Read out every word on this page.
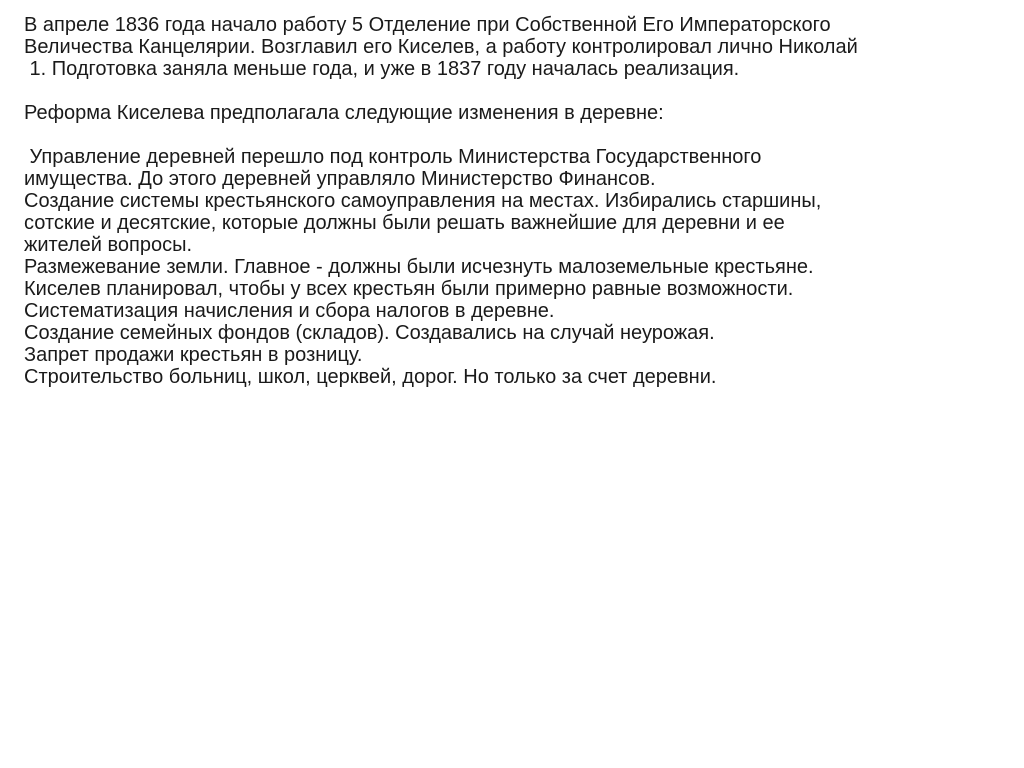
В апреле 1836 года начало работу 5 Отделение при Собственной Его Императорского
Величества Канцелярии. Возглавил его Киселев, а работу контролировал лично Николай
1. Подготовка заняла меньше года, и уже в 1837 году началась реализация.
Реформа Киселева предполагала следующие изменения в деревне:
Управление деревней перешло под контроль Министерства Государственного
имущества. До этого деревней управляло Министерство Финансов.
Создание системы крестьянского самоуправления на местах. Избирались старшины,
сотские и десятские, которые должны были решать важнейшие для деревни и ее
жителей вопросы.
Размежевание земли. Главное - должны были исчезнуть малоземельные крестьяне.
Киселев планировал, чтобы у всех крестьян были примерно равные возможности.
Систематизация начисления и сбора налогов в деревне.
Создание семейных фондов (складов). Создавались на случай неурожая.
Запрет продажи крестьян в розницу.
Строительство больниц, школ, церквей, дорог. Но только за счет деревни.
